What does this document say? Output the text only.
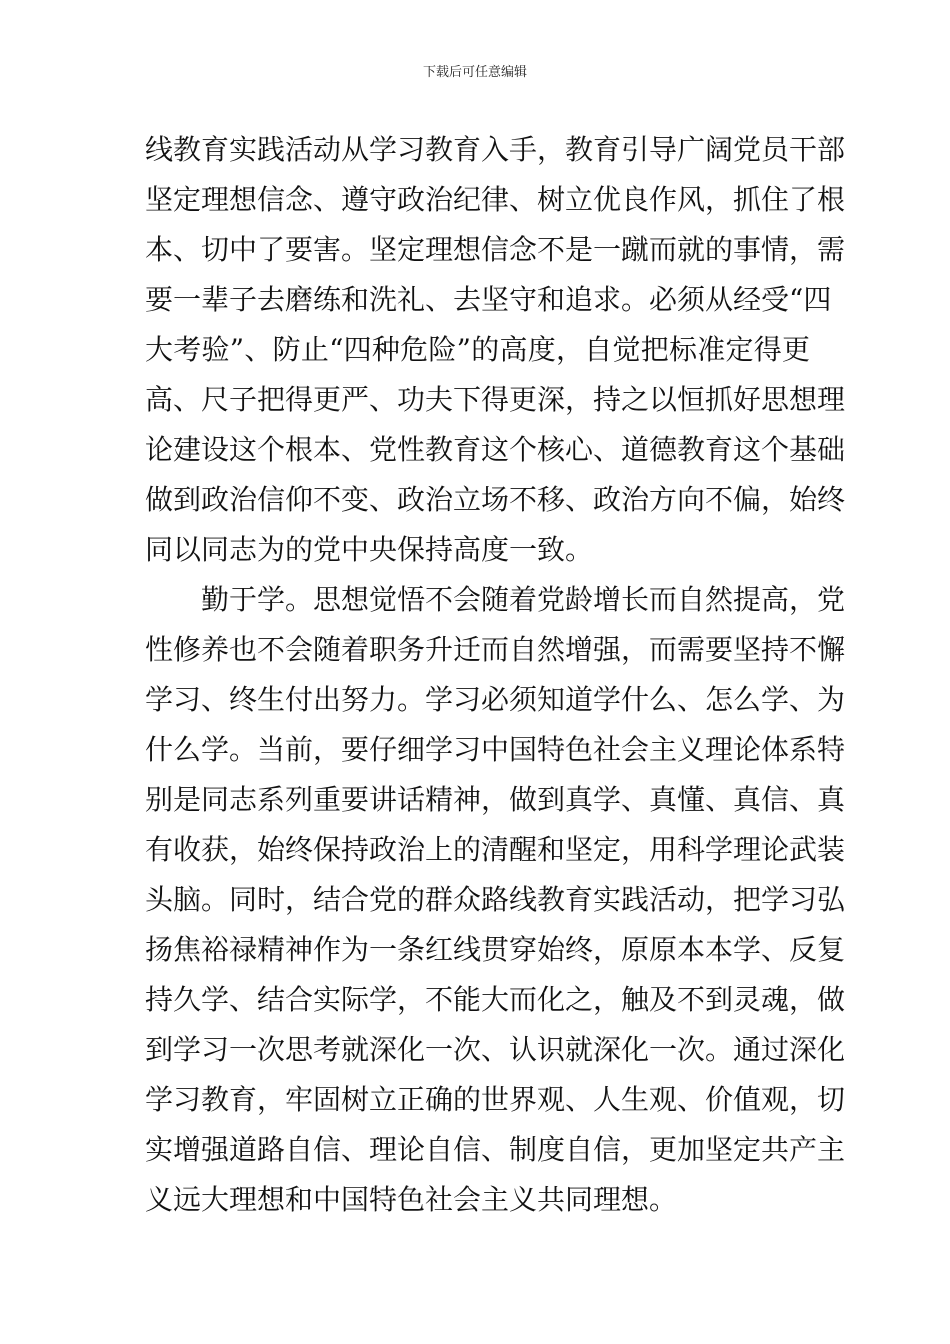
下载后可任意编辑
线教育实践活动从学习教育入手，教育引导广阔党员干部
坚定理想信念、遵守政治纪律、树立优良作风，抓住了根
本、切中了要害。坚定理想信念不是一蹴而就的事情，需
要一辈子去磨练和洗礼、去坚守和追求。必须从经受“四
大考验”、防止“四种危险”的高度，自觉把标准定得更
高、尺子把得更严、功夫下得更深，持之以恒抓好思想理
论建设这个根本、党性教育这个核心、道德教育这个基础
做到政治信仰不变、政治立场不移、政治方向不偏，始终
同以同志为的党中央保持高度一致。
勤于学。思想觉悟不会随着党龄增长而自然提高，党
性修养也不会随着职务升迁而自然增强，而需要坚持不懈
学习、终生付出努力。学习必须知道学什么、怎么学、为
什么学。当前，要仔细学习中国特色社会主义理论体系特
别是同志系列重要讲话精神，做到真学、真懂、真信、真
有收获，始终保持政治上的清醒和坚定，用科学理论武装
头脑。同时，结合党的群众路线教育实践活动，把学习弘
扬焦裕禄精神作为一条红线贯穿始终，原原本本学、反复
持久学、结合实际学，不能大而化之，触及不到灵魂，做
到学习一次思考就深化一次、认识就深化一次。通过深化
学习教育，牢固树立正确的世界观、人生观、价值观，切
实增强道路自信、理论自信、制度自信，更加坚定共产主
义远大理想和中国特色社会主义共同理想。
